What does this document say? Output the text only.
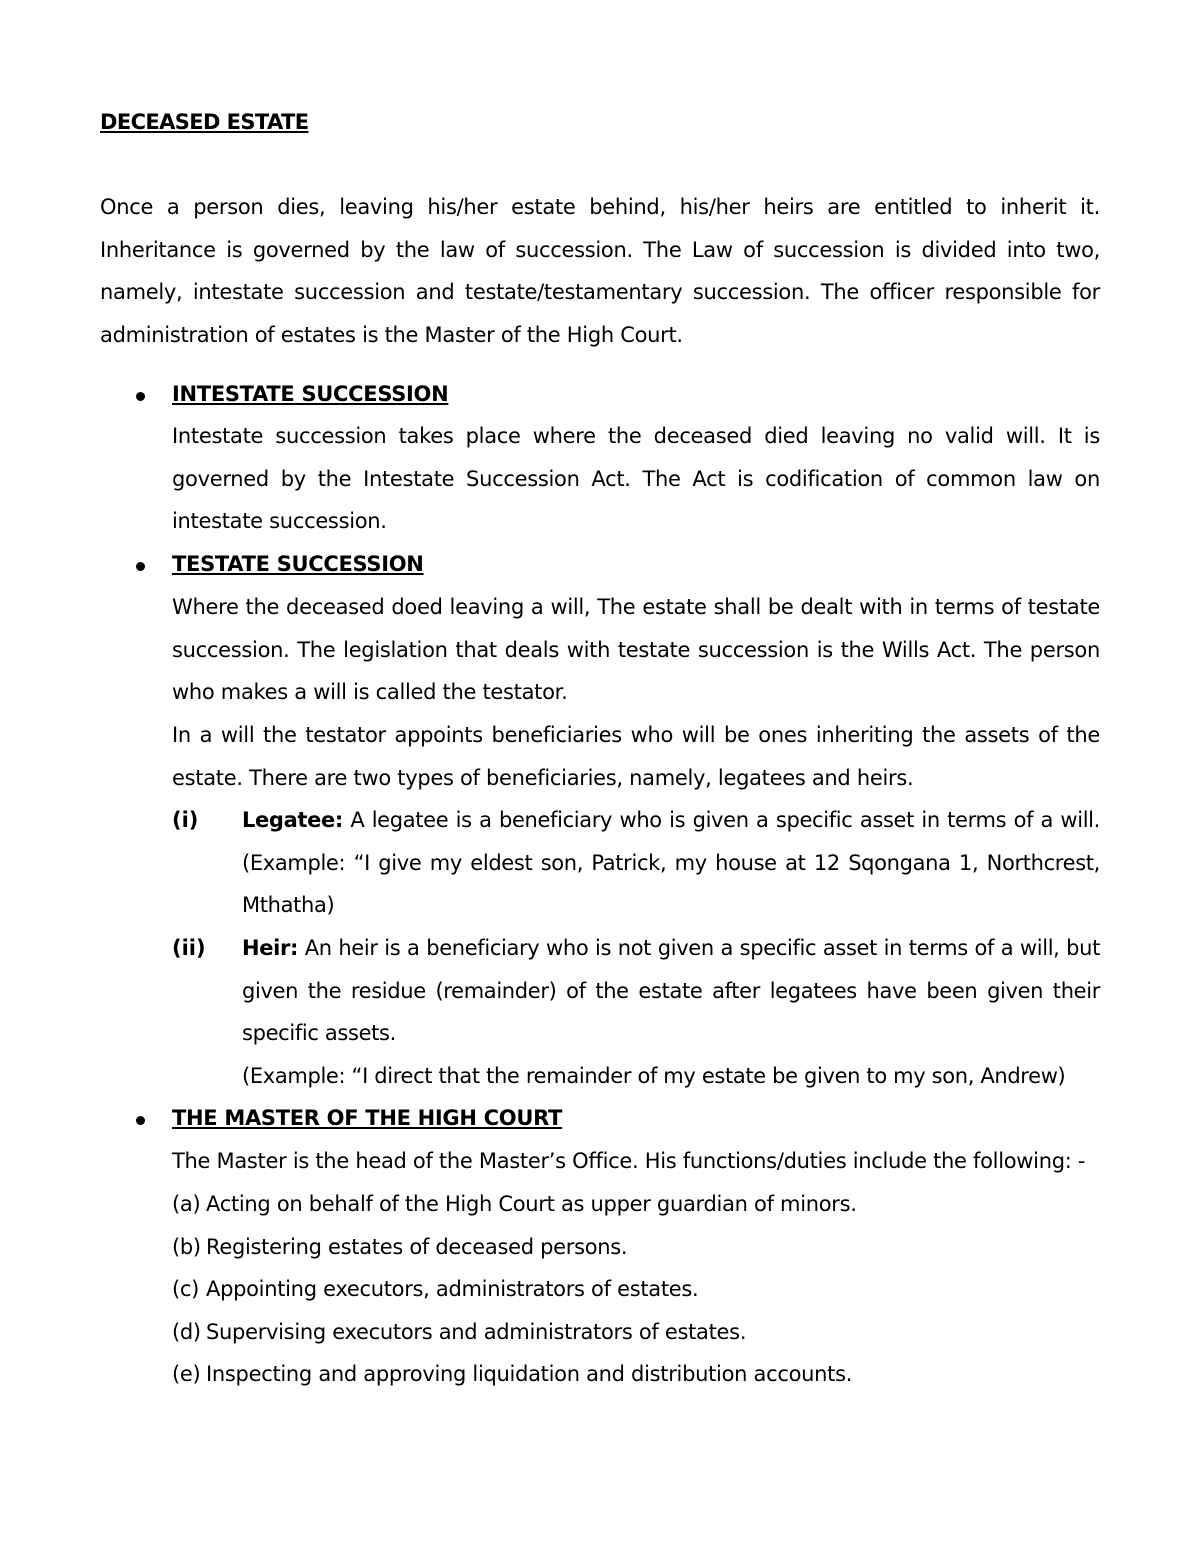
DECEASED ESTATE

Once a person dies, leaving his/her estate behind, his/her heirs are entitled to inherit it. Inheritance is governed by the law of succession. The Law of succession is divided into two, namely, intestate succession and testate/testamentary succession. The officer responsible for administration of estates is the Master of the High Court.

INTESTATE SUCCESSION

Intestate succession takes place where the deceased died leaving no valid will. It is governed by the Intestate Succession Act. The Act is codification of common law on intestate succession.

TESTATE SUCCESSION

Where the deceased doed leaving a will, The estate shall be dealt with in terms of testate succession. The legislation that deals with testate succession is the Wills Act. The person who makes a will is called the testator.

In a will the testator appoints beneficiaries who will be ones inheriting the assets of the estate. There are two types of beneficiaries, namely, legatees and heirs.

(i) Legatee: A legatee is a beneficiary who is given a specific asset in terms of a will. (Example: “I give my eldest son, Patrick, my house at 12 Sqongana 1, Northcrest, Mthatha)

(ii) Heir: An heir is a beneficiary who is not given a specific asset in terms of a will, but given the residue (remainder) of the estate after legatees have been given their specific assets.

(Example: “I direct that the remainder of my estate be given to my son, Andrew)
THE MASTER OF THE HIGH COURT

The Master is the head of the Master’s Office. His functions/duties include the following: -

(a) Acting on behalf of the High Court as upper guardian of minors.
(b) Registering estates of deceased persons.
(c) Appointing executors, administrators of estates.
(d) Supervising executors and administrators of estates.
(e) Inspecting and approving liquidation and distribution accounts.
